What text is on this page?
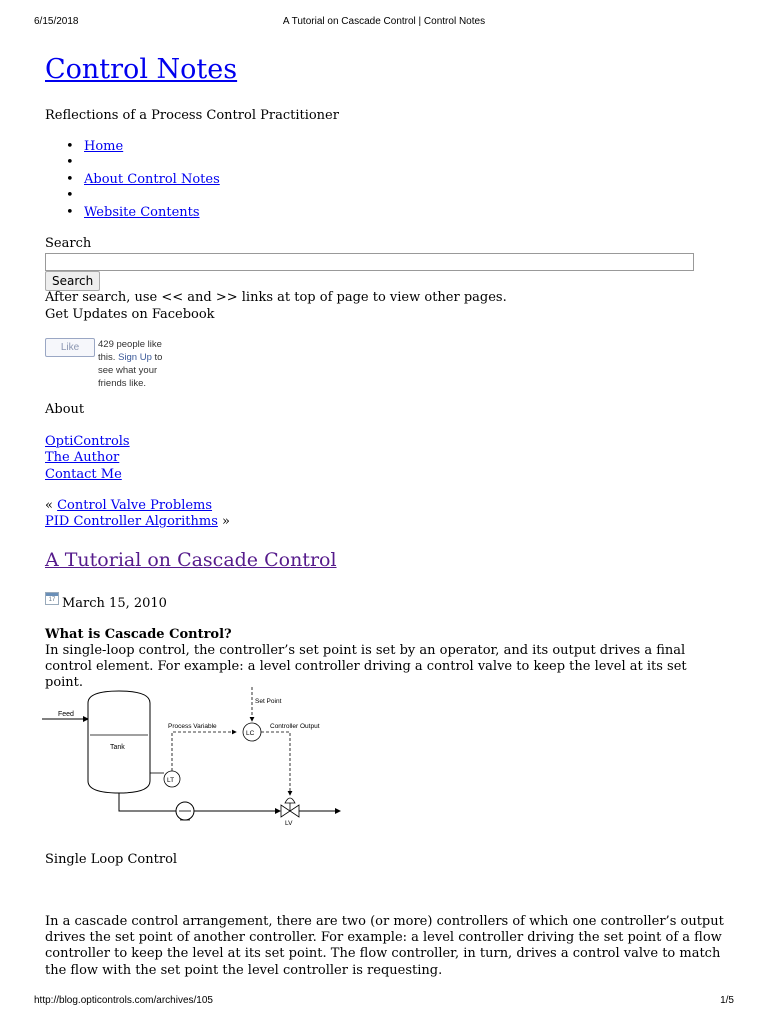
6/15/2018	A Tutorial on Cascade Control | Control Notes
Control Notes
Reflections of a Process Control Practitioner
• Home
•
• About Control Notes
•
• Website Contents
Search
Search
After search, use << and >> links at top of page to view other pages.
Get Updates on Facebook
Like	429 people like this. Sign Up to see what your friends like.
About
OptiControls
The Author
Contact Me
« Control Valve Problems
PID Controller Algorithms »
A Tutorial on Cascade Control
17 March 15, 2010
What is Cascade Control?
In single-loop control, the controller’s set point is set by an operator, and its output drives a final control element. For example: a level controller driving a control valve to keep the level at its set point.
Feed
Tank
LT
Process Variable
LC
Set Point
Controller Output
LV
Single Loop Control
In a cascade control arrangement, there are two (or more) controllers of which one controller’s output drives the set point of another controller. For example: a level controller driving the set point of a flow controller to keep the level at its set point. The flow controller, in turn, drives a control valve to match the flow with the set point the level controller is requesting.
http://blog.opticontrols.com/archives/105	1/5
